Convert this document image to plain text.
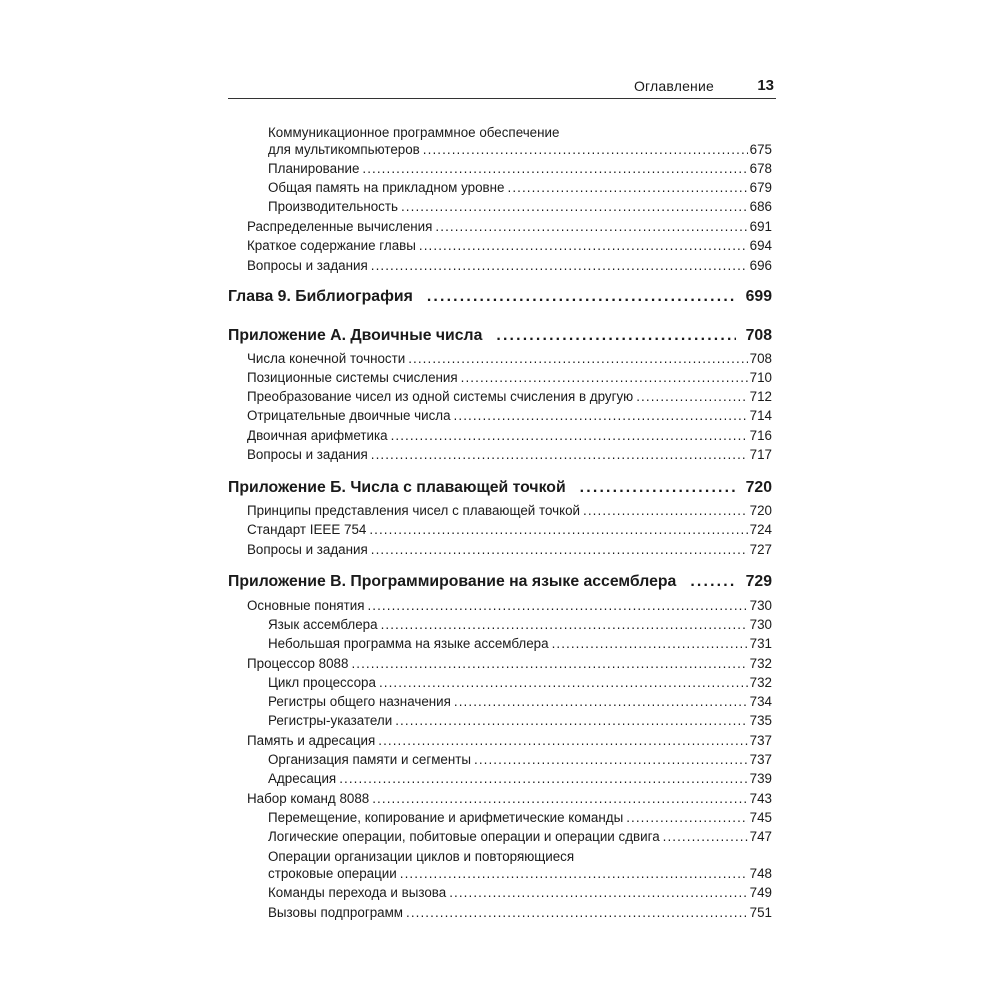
Оглавление	13
Коммуникационное программное обеспечение
для мультикомпьютеров .....	675
Планирование .....	678
Общая память на прикладном уровне .....	679
Производительность .....	686
Распределенные вычисления .....	691
Краткое содержание главы .....	694
Вопросы и задания .....	696
Глава 9. Библиография .....	699
Приложение А. Двоичные числа .....	708
Числа конечной точности .....	708
Позиционные системы счисления .....	710
Преобразование чисел из одной системы счисления в другую .....	712
Отрицательные двоичные числа .....	714
Двоичная арифметика .....	716
Вопросы и задания .....	717
Приложение Б. Числа с плавающей точкой .....	720
Принципы представления чисел с плавающей точкой .....	720
Стандарт IEEE 754 .....	724
Вопросы и задания .....	727
Приложение В. Программирование на языке ассемблера .....	729
Основные понятия .....	730
Язык ассемблера .....	730
Небольшая программа на языке ассемблера .....	731
Процессор 8088 .....	732
Цикл процессора .....	732
Регистры общего назначения .....	734
Регистры-указатели .....	735
Память и адресация .....	737
Организация памяти и сегменты .....	737
Адресация .....	739
Набор команд 8088 .....	743
Перемещение, копирование и арифметические команды .....	745
Логические операции, побитовые операции и операции сдвига .....	747
Операции организации циклов и повторяющиеся
строковые операции .....	748
Команды перехода и вызова .....	749
Вызовы подпрограмм .....	751
